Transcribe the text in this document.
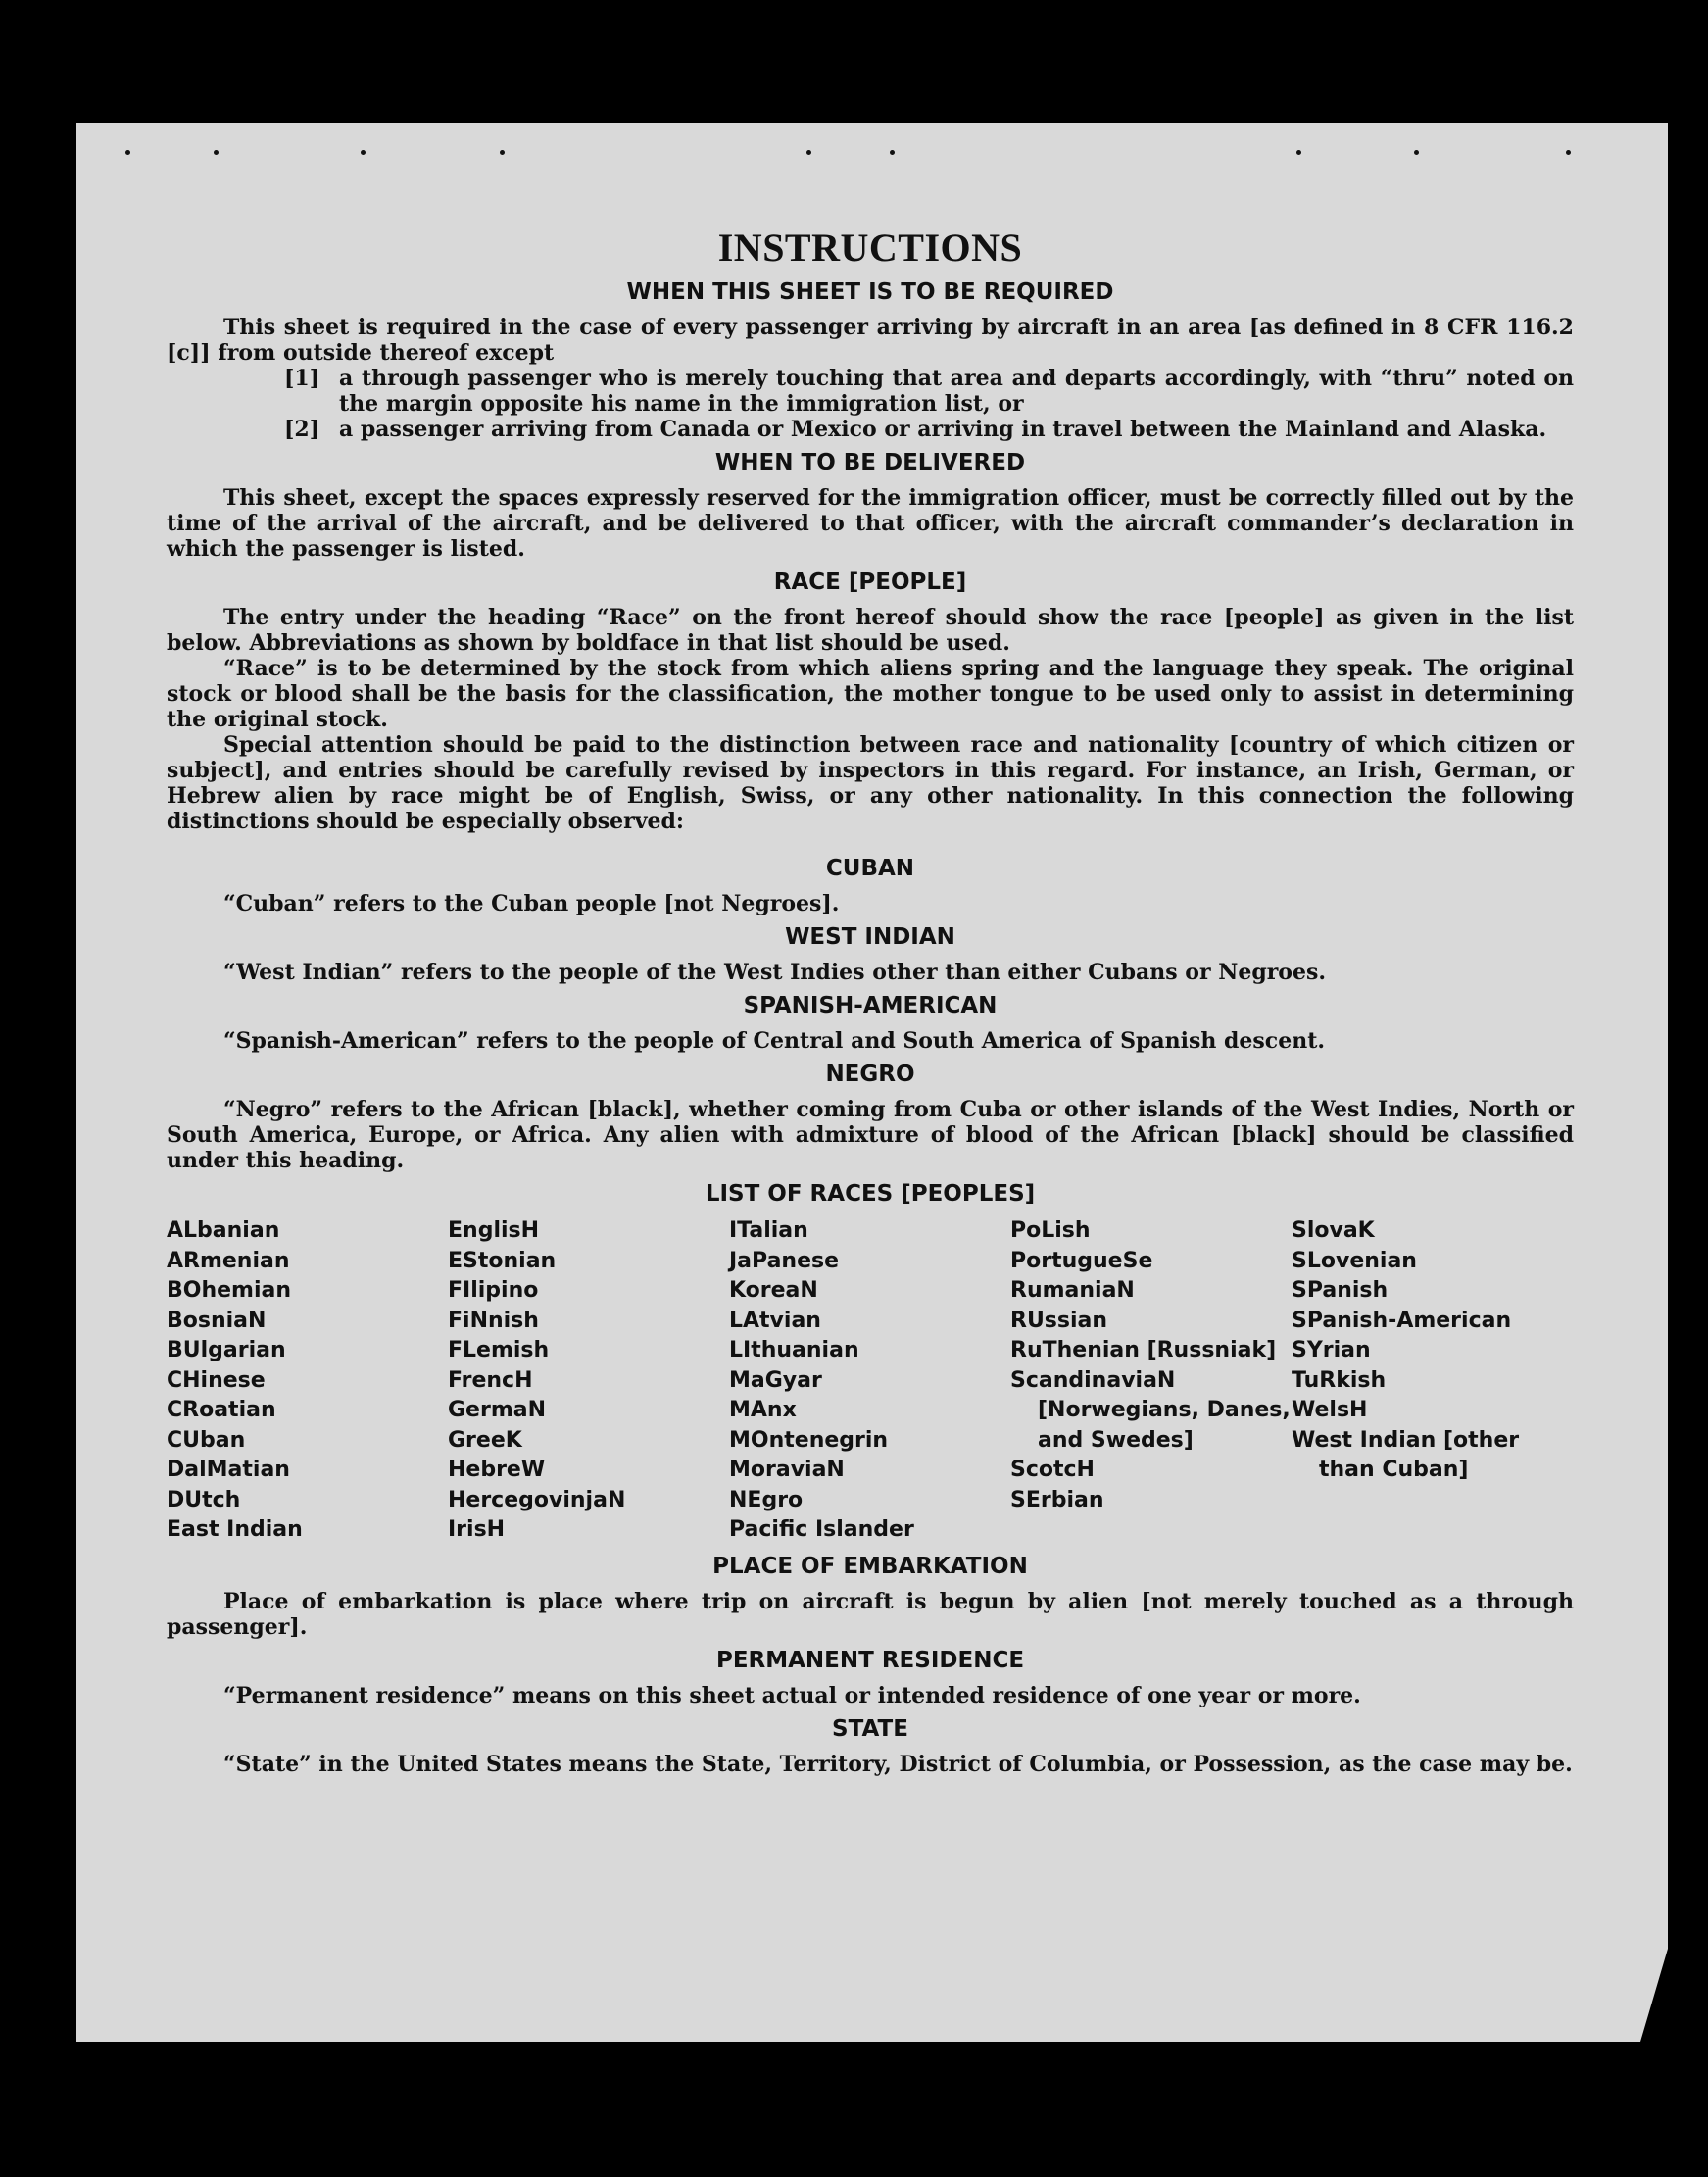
INSTRUCTIONS
WHEN THIS SHEET IS TO BE REQUIRED

This sheet is required in the case of every passenger arriving by aircraft in an area [as defined in 8 CFR 116.2 [c]] from outside thereof except

[1] a through passenger who is merely touching that area and departs accordingly, with “thru” noted on the margin opposite his name in the immigration list, or
[2] a passenger arriving from Canada or Mexico or arriving in travel between the Mainland and Alaska.
WHEN TO BE DELIVERED

This sheet, except the spaces expressly reserved for the immigration officer, must be correctly filled out by the time of the arrival of the aircraft, and be delivered to that officer, with the aircraft commander’s declaration in which the passenger is listed.

RACE [PEOPLE]

The entry under the heading “Race” on the front hereof should show the race [people] as given in the list below. Abbreviations as shown by boldface in that list should be used.

“Race” is to be determined by the stock from which aliens spring and the language they speak. The original stock or blood shall be the basis for the classification, the mother tongue to be used only to assist in determining the original stock.

Special attention should be paid to the distinction between race and nationality [country of which citizen or subject], and entries should be carefully revised by inspectors in this regard. For instance, an Irish, German, or Hebrew alien by race might be of English, Swiss, or any other nationality. In this connection the following distinctions should be especially observed:

CUBAN

“Cuban” refers to the Cuban people [not Negroes].

WEST INDIAN

“West Indian” refers to the people of the West Indies other than either Cubans or Negroes.

SPANISH-AMERICAN

“Spanish-American” refers to the people of Central and South America of Spanish descent.

NEGRO

“Negro” refers to the African [black], whether coming from Cuba or other islands of the West Indies, North or South America, Europe, or Africa. Any alien with admixture of blood of the African [black] should be classified under this heading.

LIST OF RACES [PEOPLES]
ALbanian
ARmenian
BOhemian
BosniaN
BUlgarian
CHinese
CRoatian
CUban
DalMatian
DUtch
East Indian
EnglisH
EStonian
FIlipino
FiNnish
FLemish
FrencH
GermaN
GreeK
HebreW
HercegovinjaN
IrisH
ITalian
JaPanese
KoreaN
LAtvian
LIthuanian
MaGyar
MAnx
MOntenegrin
MoraviaN
NEgro
Pacific Islander
PoLish
PortugueSe
RumaniaN
RUssian
RuThenian [Russniak]
ScandinaviaN [Norwegians, Danes, and Swedes]
ScotcH
SErbian
SlovaK
SLovenian
SPanish
SPanish-American
SYrian
TuRkish
WelsH
West Indian [other than Cuban]
PLACE OF EMBARKATION

Place of embarkation is place where trip on aircraft is begun by alien [not merely touched as a through passenger].

PERMANENT RESIDENCE

“Permanent residence” means on this sheet actual or intended residence of one year or more.

STATE

“State” in the United States means the State, Territory, District of Columbia, or Possession, as the case may be.
